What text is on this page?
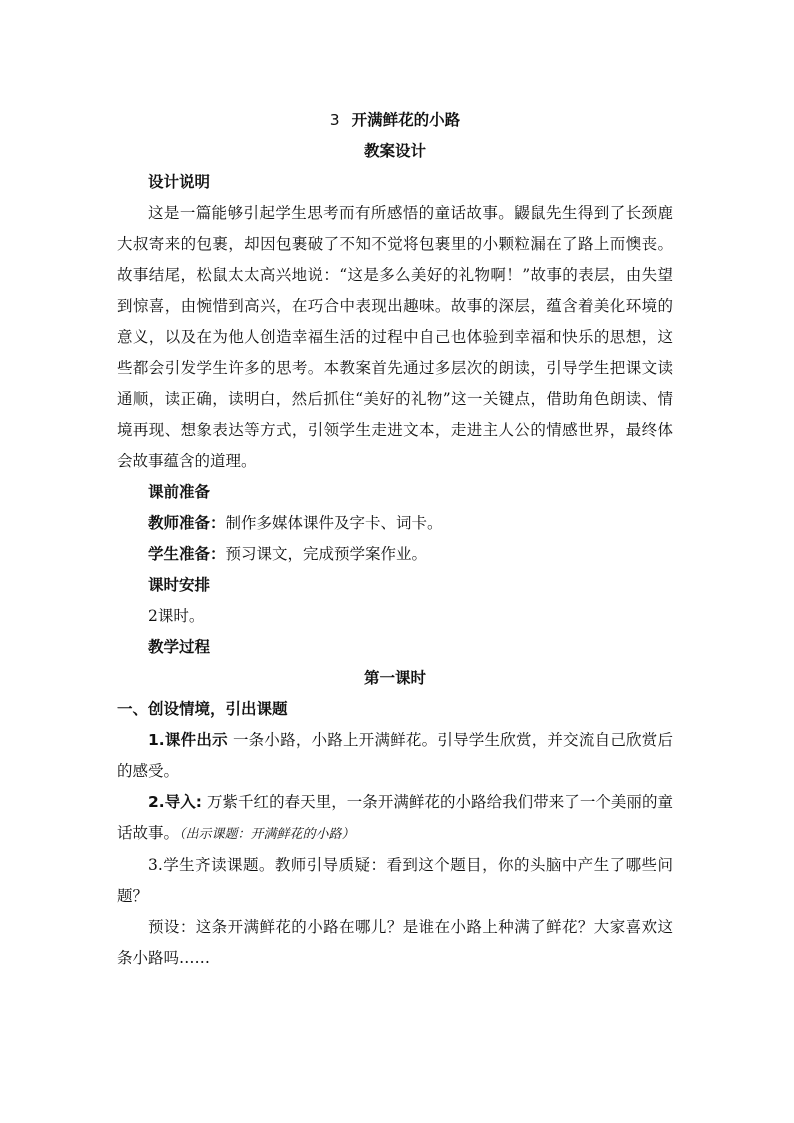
3 开满鲜花的小路

教案设计

设计说明

这是一篇能够引起学生思考而有所感悟的童话故事。鼹鼠先生得到了长颈鹿大叔寄来的包裹，却因包裹破了不知不觉将包裹里的小颗粒漏在了路上而懊丧。故事结尾，松鼠太太高兴地说：“这是多么美好的礼物啊！”故事的表层，由失望到惊喜，由惋惜到高兴，在巧合中表现出趣味。故事的深层，蕴含着美化环境的意义，以及在为他人创造幸福生活的过程中自己也体验到幸福和快乐的思想，这些都会引发学生许多的思考。本教案首先通过多层次的朗读，引导学生把课文读通顺，读正确，读明白，然后抓住“美好的礼物”这一关键点，借助角色朗读、情境再现、想象表达等方式，引领学生走进文本，走进主人公的情感世界，最终体会故事蕴含的道理。

课前准备

教师准备：制作多媒体课件及字卡、词卡。

学生准备：预习课文，完成预学案作业。

课时安排

2课时。

教学过程

第一课时

一、创设情境，引出课题

1.课件出示 一条小路，小路上开满鲜花。引导学生欣赏，并交流自己欣赏后的感受。

2.导入: 万紫千红的春天里，一条开满鲜花的小路给我们带来了一个美丽的童话故事。（出示课题：开满鲜花的小路）

3.学生齐读课题。教师引导质疑：看到这个题目，你的头脑中产生了哪些问题？

预设：这条开满鲜花的小路在哪儿？是谁在小路上种满了鲜花？大家喜欢这条小路吗……
